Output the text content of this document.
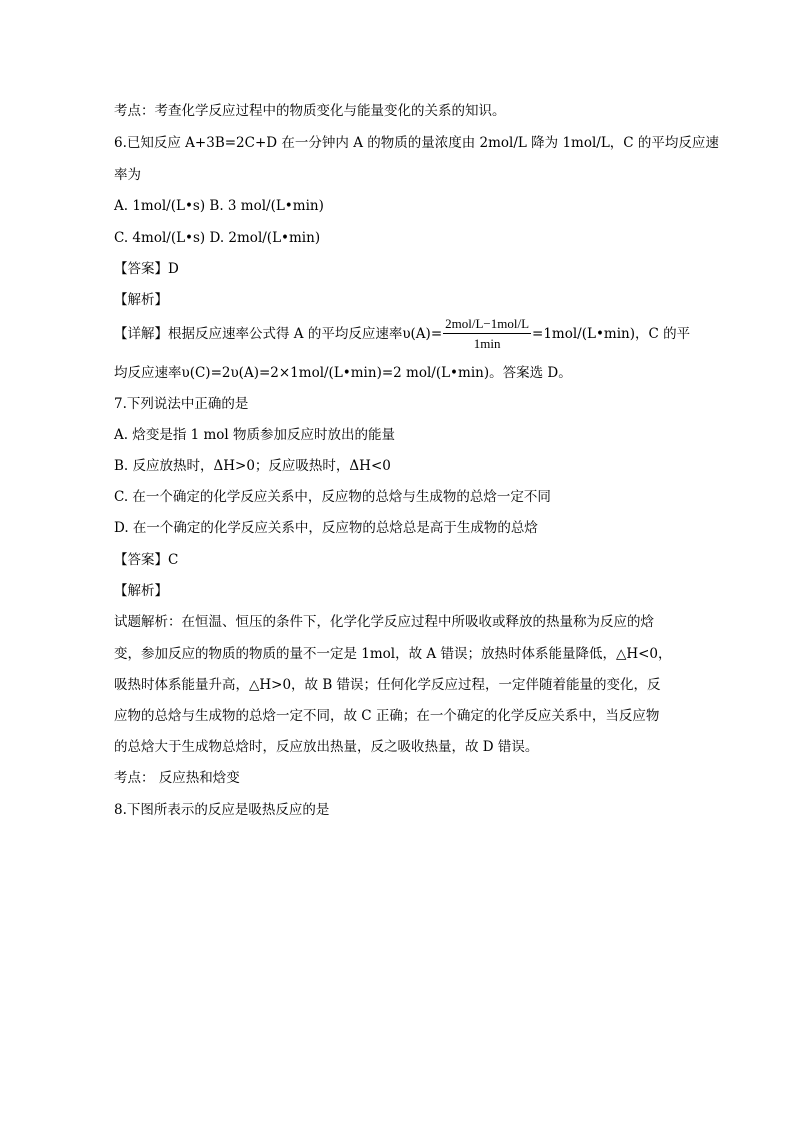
考点：考查化学反应过程中的物质变化与能量变化的关系的知识。
6.已知反应 A+3B=2C+D 在一分钟内 A 的物质的量浓度由 2mol/L 降为 1mol/L，C 的平均反应速
率为
A. 1mol/(L•s) B. 3 mol/(L•min)
C. 4mol/(L•s) D. 2mol/(L•min)
【答案】D
【解析】
【详解】根据反应速率公式得 A 的平均反应速率$\upsilon(A)= \frac{\text{2mol/L−1mol/L}}{1\min}$ =1mol/(L•min)，C 的平
均反应速率υ(C)=2υ(A)=2×1mol/(L•min)=2 mol/(L•min)。答案选 D。
7.下列说法中正确的是
A. 焓变是指 1 mol 物质参加反应时放出的能量
B. 反应放热时，ΔH>0；反应吸热时，ΔH<0
C. 在一个确定的化学反应关系中，反应物的总焓与生成物的总焓一定不同
D. 在一个确定的化学反应关系中，反应物的总焓总是高于生成物的总焓
【答案】C
【解析】
试题解析：在恒温、恒压的条件下，化学化学反应过程中所吸收或释放的热量称为反应的焓
变，参加反应的物质的物质的量不一定是 1mol，故 A 错误；放热时体系能量降低，△H<0，
吸热时体系能量升高，△H>0，故 B 错误；任何化学反应过程，一定伴随着能量的变化，反
应物的总焓与生成物的总焓一定不同，故 C 正确；在一个确定的化学反应关系中，当反应物
的总焓大于生成物总焓时，反应放出热量，反之吸收热量，故 D 错误。
考点： 反应热和焓变
8.下图所表示的反应是吸热反应的是
